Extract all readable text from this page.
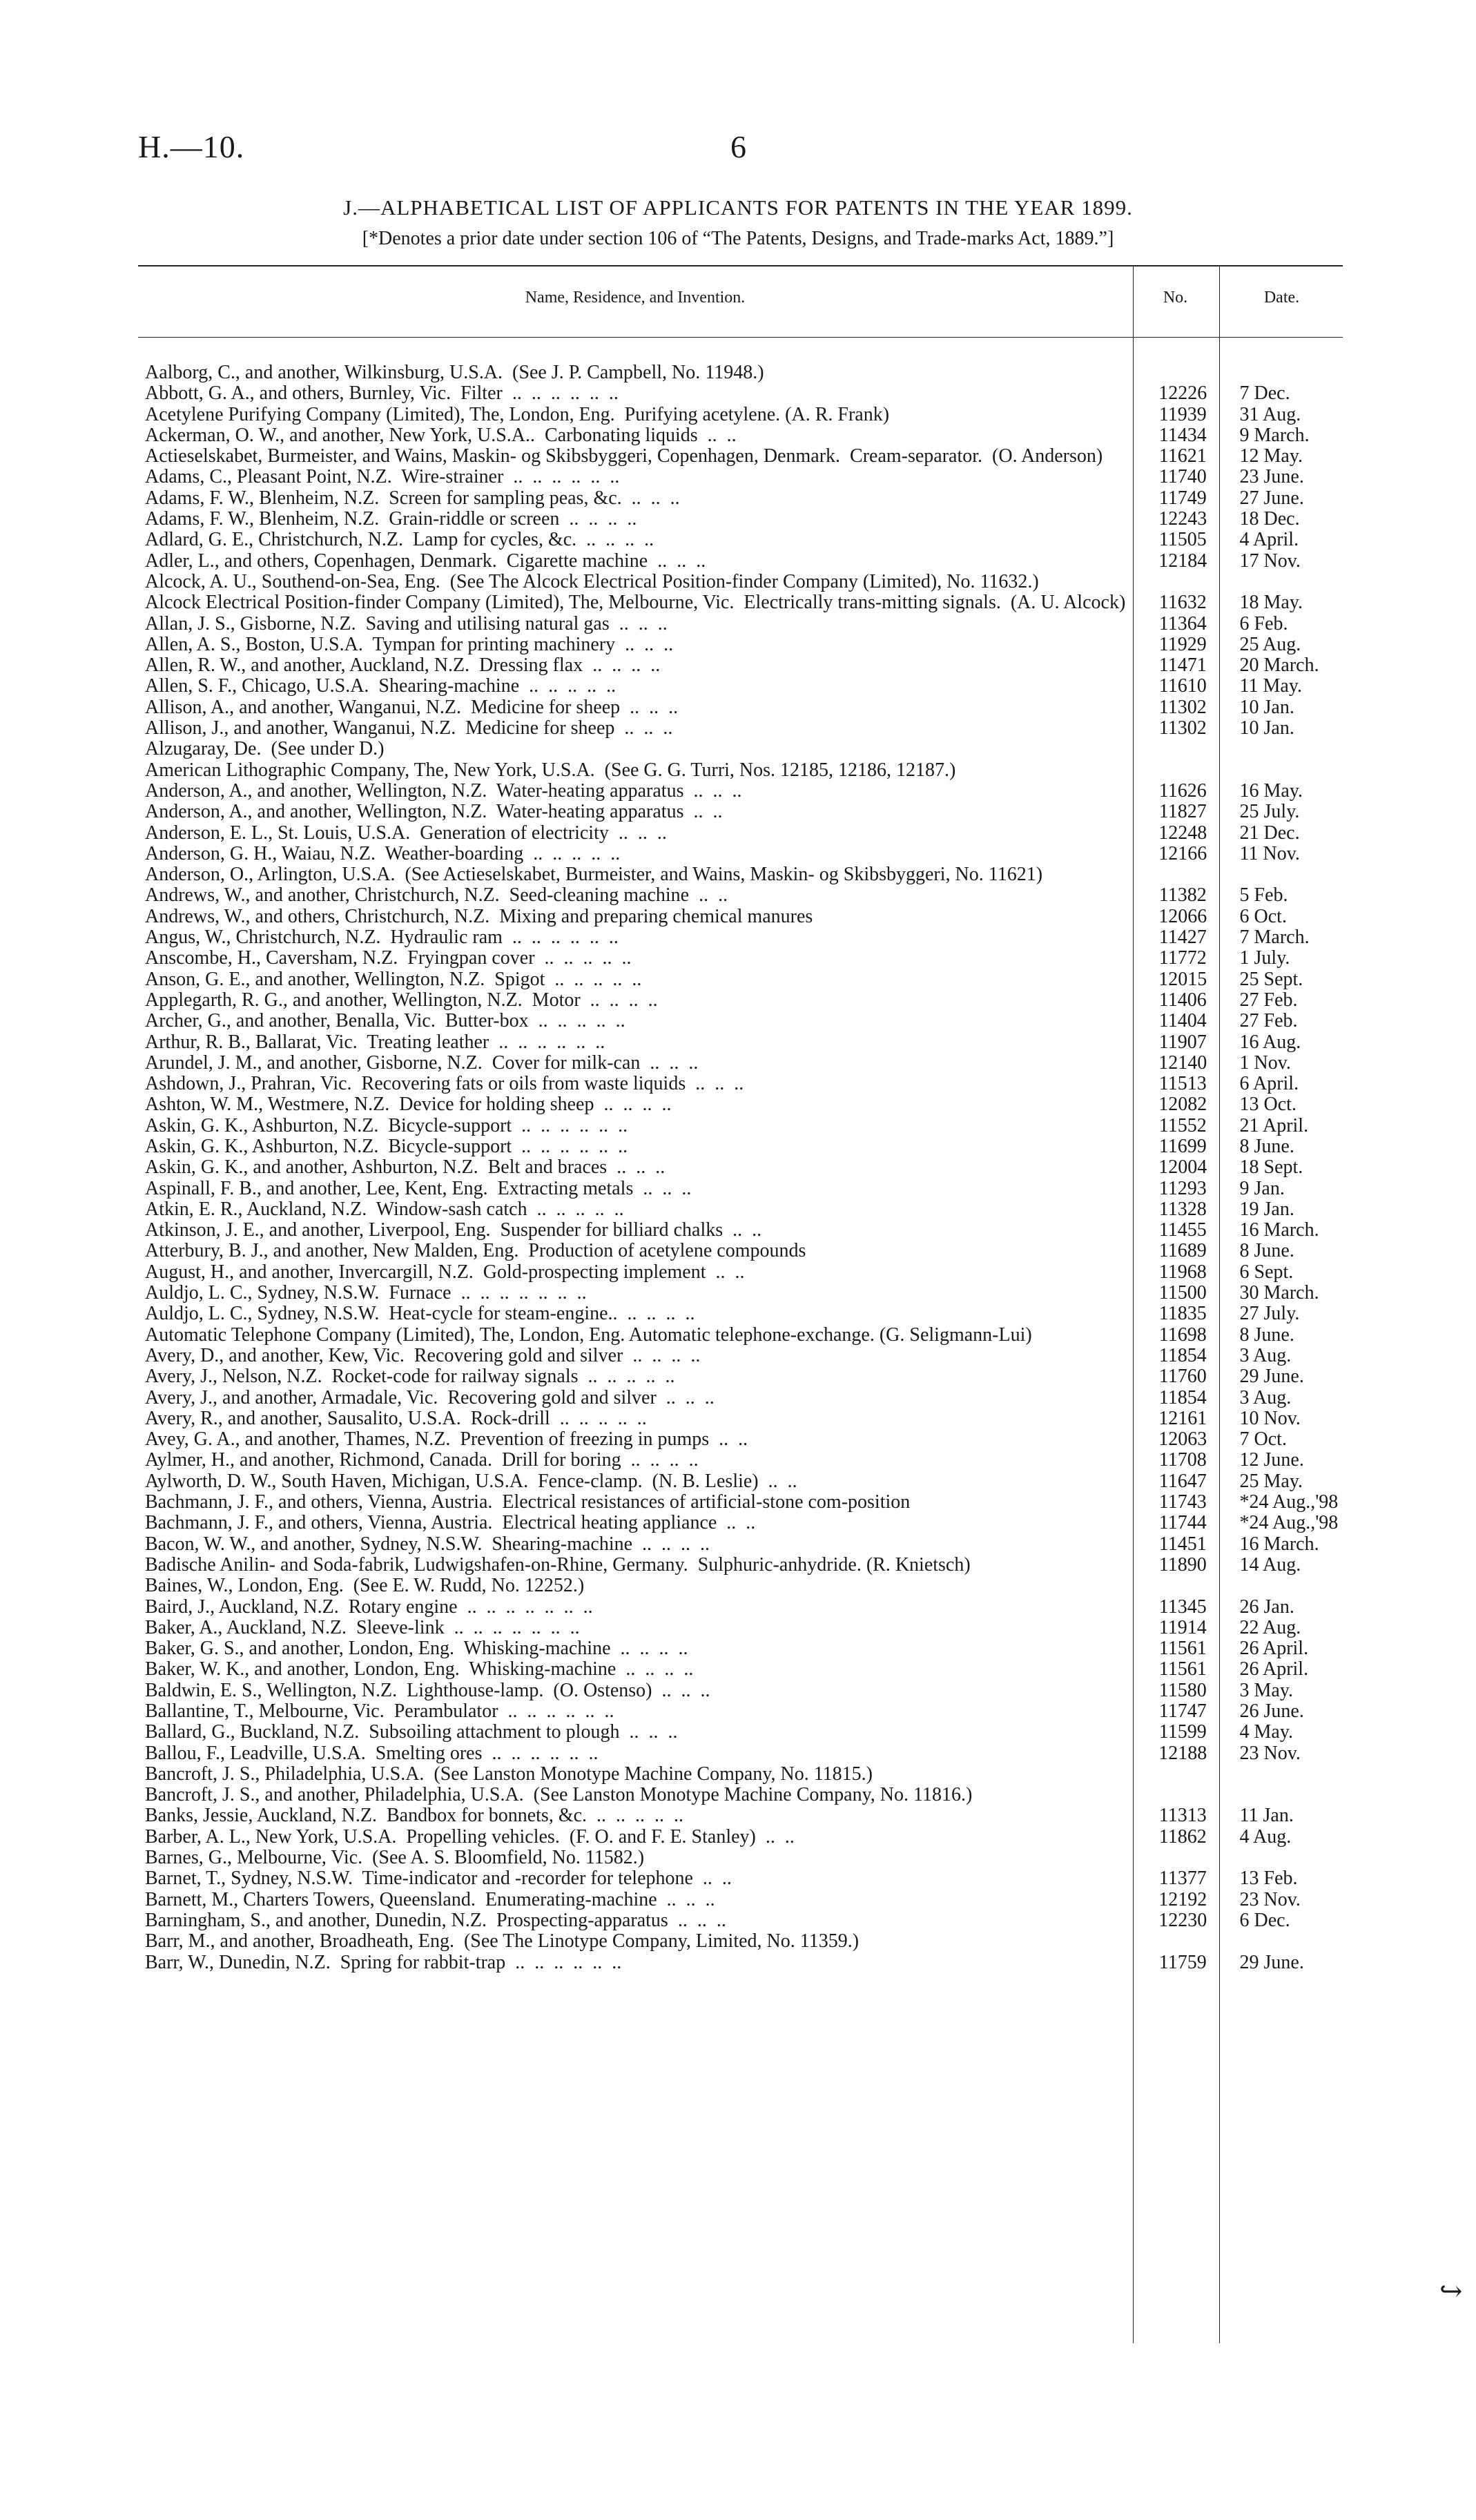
H.—10.	6
J.—ALPHABETICAL LIST OF APPLICANTS FOR PATENTS IN THE YEAR 1899.
[*Denotes a prior date under section 106 of “The Patents, Designs, and Trade-marks Act, 1889.”]
Name, Residence, and Invention.	No.	Date.
Aalborg, C., and another, Wilkinsburg, U.S.A.  (See J. P. Campbell, No. 11948.)
Abbott, G. A., and others, Burnley, Vic.  Filter  ..  ..  ..  ..  ..  ..	12226	7 Dec.
Acetylene Purifying Company (Limited), The, London, Eng.  Purifying acetylene. (A. R. Frank)	11939	31 Aug.
Ackerman, O. W., and another, New York, U.S.A..  Carbonating liquids  ..  ..	11434	9 March.
Actieselskabet, Burmeister, and Wains, Maskin- og Skibsbyggeri, Copenhagen, Denmark.  Cream-separator.  (O. Anderson)	11621	12 May.
Adams, C., Pleasant Point, N.Z.  Wire-strainer  ..  ..  ..  ..  ..  ..	11740	23 June.
Adams, F. W., Blenheim, N.Z.  Screen for sampling peas, &c.  ..  ..  ..	11749	27 June.
Adams, F. W., Blenheim, N.Z.  Grain-riddle or screen  ..  ..  ..  ..	12243	18 Dec.
Adlard, G. E., Christchurch, N.Z.  Lamp for cycles, &c.  ..  ..  ..  ..	11505	4 April.
Adler, L., and others, Copenhagen, Denmark.  Cigarette machine  ..  ..  ..	12184	17 Nov.
Alcock, A. U., Southend-on-Sea, Eng.  (See The Alcock Electrical Position-finder Company (Limited), No. 11632.)
Alcock Electrical Position-finder Company (Limited), The, Melbourne, Vic.  Electrically trans-mitting signals.  (A. U. Alcock)	11632	18 May.
Allan, J. S., Gisborne, N.Z.  Saving and utilising natural gas  ..  ..  ..	11364	6 Feb.
Allen, A. S., Boston, U.S.A.  Tympan for printing machinery  ..  ..  ..	11929	25 Aug.
Allen, R. W., and another, Auckland, N.Z.  Dressing flax  ..  ..  ..  ..	11471	20 March.
Allen, S. F., Chicago, U.S.A.  Shearing-machine  ..  ..  ..  ..  ..	11610	11 May.
Allison, A., and another, Wanganui, N.Z.  Medicine for sheep  ..  ..  ..	11302	10 Jan.
Allison, J., and another, Wanganui, N.Z.  Medicine for sheep  ..  ..  ..	11302	10 Jan.
Alzugaray, De.  (See under D.)
American Lithographic Company, The, New York, U.S.A.  (See G. G. Turri, Nos. 12185, 12186, 12187.)
Anderson, A., and another, Wellington, N.Z.  Water-heating apparatus  ..  ..  ..	11626	16 May.
Anderson, A., and another, Wellington, N.Z.  Water-heating apparatus  ..  ..	11827	25 July.
Anderson, E. L., St. Louis, U.S.A.  Generation of electricity  ..  ..  ..	12248	21 Dec.
Anderson, G. H., Waiau, N.Z.  Weather-boarding  ..  ..  ..  ..  ..	12166	11 Nov.
Anderson, O., Arlington, U.S.A.  (See Actieselskabet, Burmeister, and Wains, Maskin- og Skibsbyggeri, No. 11621)
Andrews, W., and another, Christchurch, N.Z.  Seed-cleaning machine  ..  ..	11382	5 Feb.
Andrews, W., and others, Christchurch, N.Z.  Mixing and preparing chemical manures	12066	6 Oct.
Angus, W., Christchurch, N.Z.  Hydraulic ram  ..  ..  ..  ..  ..  ..	11427	7 March.
Anscombe, H., Caversham, N.Z.  Fryingpan cover  ..  ..  ..  ..  ..	11772	1 July.
Anson, G. E., and another, Wellington, N.Z.  Spigot  ..  ..  ..  ..  ..	12015	25 Sept.
Applegarth, R. G., and another, Wellington, N.Z.  Motor  ..  ..  ..  ..	11406	27 Feb.
Archer, G., and another, Benalla, Vic.  Butter-box  ..  ..  ..  ..  ..	11404	27 Feb.
Arthur, R. B., Ballarat, Vic.  Treating leather  ..  ..  ..  ..  ..  ..	11907	16 Aug.
Arundel, J. M., and another, Gisborne, N.Z.  Cover for milk-can  ..  ..  ..	12140	1 Nov.
Ashdown, J., Prahran, Vic.  Recovering fats or oils from waste liquids  ..  ..  ..	11513	6 April.
Ashton, W. M., Westmere, N.Z.  Device for holding sheep  ..  ..  ..  ..	12082	13 Oct.
Askin, G. K., Ashburton, N.Z.  Bicycle-support  ..  ..  ..  ..  ..  ..	11552	21 April.
Askin, G. K., Ashburton, N.Z.  Bicycle-support  ..  ..  ..  ..  ..  ..	11699	8 June.
Askin, G. K., and another, Ashburton, N.Z.  Belt and braces  ..  ..  ..	12004	18 Sept.
Aspinall, F. B., and another, Lee, Kent, Eng.  Extracting metals  ..  ..  ..	11293	9 Jan.
Atkin, E. R., Auckland, N.Z.  Window-sash catch  ..  ..  ..  ..  ..	11328	19 Jan.
Atkinson, J. E., and another, Liverpool, Eng.  Suspender for billiard chalks  ..  ..	11455	16 March.
Atterbury, B. J., and another, New Malden, Eng.  Production of acetylene compounds	11689	8 June.
August, H., and another, Invercargill, N.Z.  Gold-prospecting implement  ..  ..	11968	6 Sept.
Auldjo, L. C., Sydney, N.S.W.  Furnace  ..  ..  ..  ..  ..  ..  ..	11500	30 March.
Auldjo, L. C., Sydney, N.S.W.  Heat-cycle for steam-engine..  ..  ..  ..  ..	11835	27 July.
Automatic Telephone Company (Limited), The, London, Eng. Automatic telephone-exchange. (G. Seligmann-Lui)	11698	8 June.
Avery, D., and another, Kew, Vic.  Recovering gold and silver  ..  ..  ..  ..	11854	3 Aug.
Avery, J., Nelson, N.Z.  Rocket-code for railway signals  ..  ..  ..  ..  ..	11760	29 June.
Avery, J., and another, Armadale, Vic.  Recovering gold and silver  ..  ..  ..	11854	3 Aug.
Avery, R., and another, Sausalito, U.S.A.  Rock-drill  ..  ..  ..  ..  ..	12161	10 Nov.
Avey, G. A., and another, Thames, N.Z.  Prevention of freezing in pumps  ..  ..	12063	7 Oct.
Aylmer, H., and another, Richmond, Canada.  Drill for boring  ..  ..  ..  ..	11708	12 June.
Aylworth, D. W., South Haven, Michigan, U.S.A.  Fence-clamp.  (N. B. Leslie)  ..  ..	11647	25 May.
Bachmann, J. F., and others, Vienna, Austria.  Electrical resistances of artificial-stone com-position	11743	*24 Aug.,'98
Bachmann, J. F., and others, Vienna, Austria.  Electrical heating appliance  ..  ..	11744	*24 Aug.,'98
Bacon, W. W., and another, Sydney, N.S.W.  Shearing-machine  ..  ..  ..  ..	11451	16 March.
Badische Anilin- and Soda-fabrik, Ludwigshafen-on-Rhine, Germany.  Sulphuric-anhydride. (R. Knietsch)	11890	14 Aug.
Baines, W., London, Eng.  (See E. W. Rudd, No. 12252.)
Baird, J., Auckland, N.Z.  Rotary engine  ..  ..  ..  ..  ..  ..  ..	11345	26 Jan.
Baker, A., Auckland, N.Z.  Sleeve-link  ..  ..  ..  ..  ..  ..  ..	11914	22 Aug.
Baker, G. S., and another, London, Eng.  Whisking-machine  ..  ..  ..  ..	11561	26 April.
Baker, W. K., and another, London, Eng.  Whisking-machine  ..  ..  ..  ..	11561	26 April.
Baldwin, E. S., Wellington, N.Z.  Lighthouse-lamp.  (O. Ostenso)  ..  ..  ..	11580	3 May.
Ballantine, T., Melbourne, Vic.  Perambulator  ..  ..  ..  ..  ..  ..	11747	26 June.
Ballard, G., Buckland, N.Z.  Subsoiling attachment to plough  ..  ..  ..	11599	4 May.
Ballou, F., Leadville, U.S.A.  Smelting ores  ..  ..  ..  ..  ..  ..	12188	23 Nov.
Bancroft, J. S., Philadelphia, U.S.A.  (See Lanston Monotype Machine Company, No. 11815.)
Bancroft, J. S., and another, Philadelphia, U.S.A.  (See Lanston Monotype Machine Company, No. 11816.)
Banks, Jessie, Auckland, N.Z.  Bandbox for bonnets, &c.  ..  ..  ..  ..  ..	11313	11 Jan.
Barber, A. L., New York, U.S.A.  Propelling vehicles.  (F. O. and F. E. Stanley)  ..  ..	11862	4 Aug.
Barnes, G., Melbourne, Vic.  (See A. S. Bloomfield, No. 11582.)
Barnet, T., Sydney, N.S.W.  Time-indicator and -recorder for telephone  ..  ..	11377	13 Feb.
Barnett, M., Charters Towers, Queensland.  Enumerating-machine  ..  ..  ..	12192	23 Nov.
Barningham, S., and another, Dunedin, N.Z.  Prospecting-apparatus  ..  ..  ..	12230	6 Dec.
Barr, M., and another, Broadheath, Eng.  (See The Linotype Company, Limited, No. 11359.)
Barr, W., Dunedin, N.Z.  Spring for rabbit-trap  ..  ..  ..  ..  ..  ..	11759	29 June.
↪
